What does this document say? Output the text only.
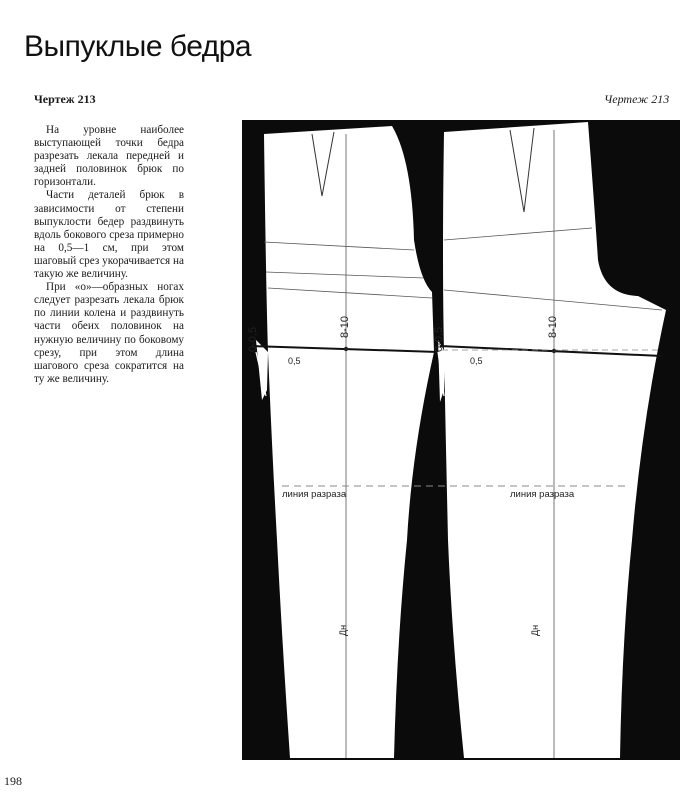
Выпуклые бедра
Чертеж 213	Чертеж 213

На уровне наиболее выступающей точки бедра разрезать лекала передней и задней половинок брюк по горизонтали.

Части деталей брюк в зависимости от степени выпуклости бедер раздвинуть вдоль бокового среза примерно на 0,5—1 см, при этом шаговый срез укорачивается на такую же величину.

При «о»—образных ногах следует разрезать лекала брюк по линии колена и раздвинуть части обеих половинок на нужную величину по боковому срезу, при этом длина шагового среза сократится на ту же величину.

0-0,5	8-10
0,5
линия разраза
Дн
0-0,5	8-10
0,5
линия разраза
Дн
198
